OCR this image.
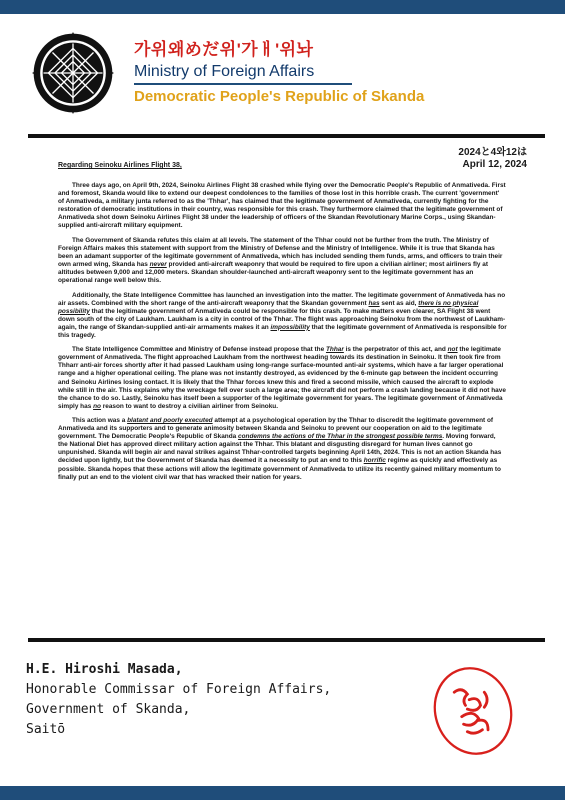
가위왜めだ위'가ㅐ'위놔
Ministry of Foreign Affairs
Democratic People's Republic of Skanda
2024と4와12は
April 12, 2024
Regarding Seinoku Airlines Flight 38,

Three days ago, on April 9th, 2024, Seinoku Airlines Flight 38 crashed while flying over the Democratic People's Republic of Anmativeda. First and foremost, Skanda would like to extend our deepest condolences to the families of those lost in this horrible crash. The current 'government' of Anmativeda, a military junta referred to as the 'Thhar', has claimed that the legitimate government of Anmativeda, currently fighting for the restoration of democratic institutions in their country, was responsible for this crash. They furthermore claimed that the legitimate government of Anmativeda shot down Seinoku Airlines Flight 38 under the leadership of officers of the Skandan Revolutionary Marine Corps., using Skandan-supplied anti-aircraft military equipment.

The Government of Skanda refutes this claim at all levels. The statement of the Thhar could not be further from the truth. The Ministry of Foreign Affairs makes this statement with support from the Ministry of Defense and the Ministry of Intelligence. While it is true that Skanda has been an adamant supporter of the legitimate government of Anmativeda, which has included sending them funds, arms, and officers to train their own armed wing, Skanda has never provided anti-aircraft weaponry that would be required to fire upon a civilian airliner; most airliners fly at altitudes between 9,000 and 12,000 meters. Skandan shoulder-launched anti-aircraft weaponry sent to the legitimate government has an operational range well below this.

Additionally, the State Intelligence Committee has launched an investigation into the matter. The legitimate government of Anmativeda has no air assets. Combined with the short range of the anti-aircraft weaponry that the Skandan government has sent as aid, there is no physical possibility that the legitimate government of Anmativeda could be responsible for this crash. To make matters even clearer, SA Flight 38 went down south of the city of Laukham. Laukham is a city in control of the Thhar. The flight was approaching Seinoku from the northwest of Laukham- again, the range of Skandan-supplied anti-air armaments makes it an impossibility that the legitimate government of Anmativeda is responsible for this tragedy.

The State Intelligence Committee and Ministry of Defense instead propose that the Thhar is the perpetrator of this act, and not the legitimate government of Anmativeda. The flight approached Laukham from the northwest heading towards its destination in Seinoku. It then took fire from Thharr anti-air forces shortly after it had passed Laukham using long-range surface-mounted anti-air systems, which have a far larger operational range and a higher operational ceiling. The plane was not instantly destroyed, as evidenced by the 6-minute gap between the incident occurring and Seinoku Airlines losing contact. It is likely that the Thhar forces knew this and fired a second missile, which caused the aircraft to explode while still in the air. This explains why the wreckage fell over such a large area; the aircraft did not perform a crash landing because it did not have the chance to do so. Lastly, Seinoku has itself been a supporter of the legitimate government for years. The legitimate government of Anmativeda simply has no reason to want to destroy a civilian airliner from Seinoku.

This action was a blatant and poorly executed attempt at a psychological operation by the Thhar to discredit the legitimate government of Anmativeda and its supporters and to generate animosity between Skanda and Seinoku to prevent our cooperation on aid to the legitimate government. The Democratic People's Republic of Skanda condemns the actions of the Thhar in the strongest possible terms. Moving forward, the National Diet has approved direct military action against the Thhar. This blatant and disgusting disregard for human lives cannot go unpunished. Skanda will begin air and naval strikes against Thhar-controlled targets beginning April 14th, 2024. This is not an action Skanda has decided upon lightly, but the Government of Skanda has deemed it a necessity to put an end to this horrific regime as quickly and effectively as possible. Skanda hopes that these actions will allow the legitimate government of Anmativeda to utilize its recently gained military momentum to finally put an end to the violent civil war that has wracked their nation for years.

H.E. Hiroshi Masada,
Honorable Commissar of Foreign Affairs,
Government of Skanda,
Saitō
